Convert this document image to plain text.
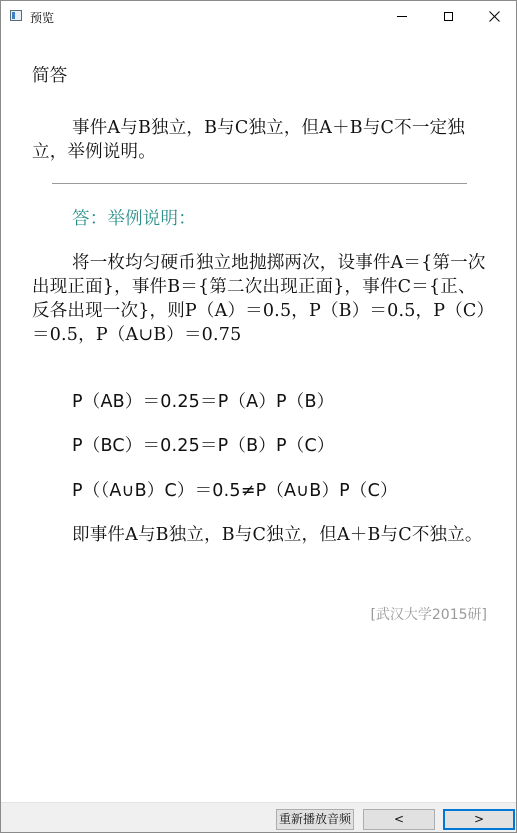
预览

简答

事件A与B独立，B与C独立，但A＋B与C不一定独立，举例说明。

答：举例说明：

将一枚均匀硬币独立地抛掷两次，设事件A＝{第一次出现正面}，事件B＝{第二次出现正面}，事件C＝{正、反各出现一次}，则P（A）＝0.5，P（B）＝0.5，P（C）＝0.5，P（A∪B）＝0.75

P（AB）＝0.25＝P（A）P（B）

P（BC）＝0.25＝P（B）P（C）

P（（A∪B）C）＝0.5≠P（A∪B）P（C）

即事件A与B独立，B与C独立，但A＋B与C不独立。

[武汉大学2015研]
重新播放音频	<	>
